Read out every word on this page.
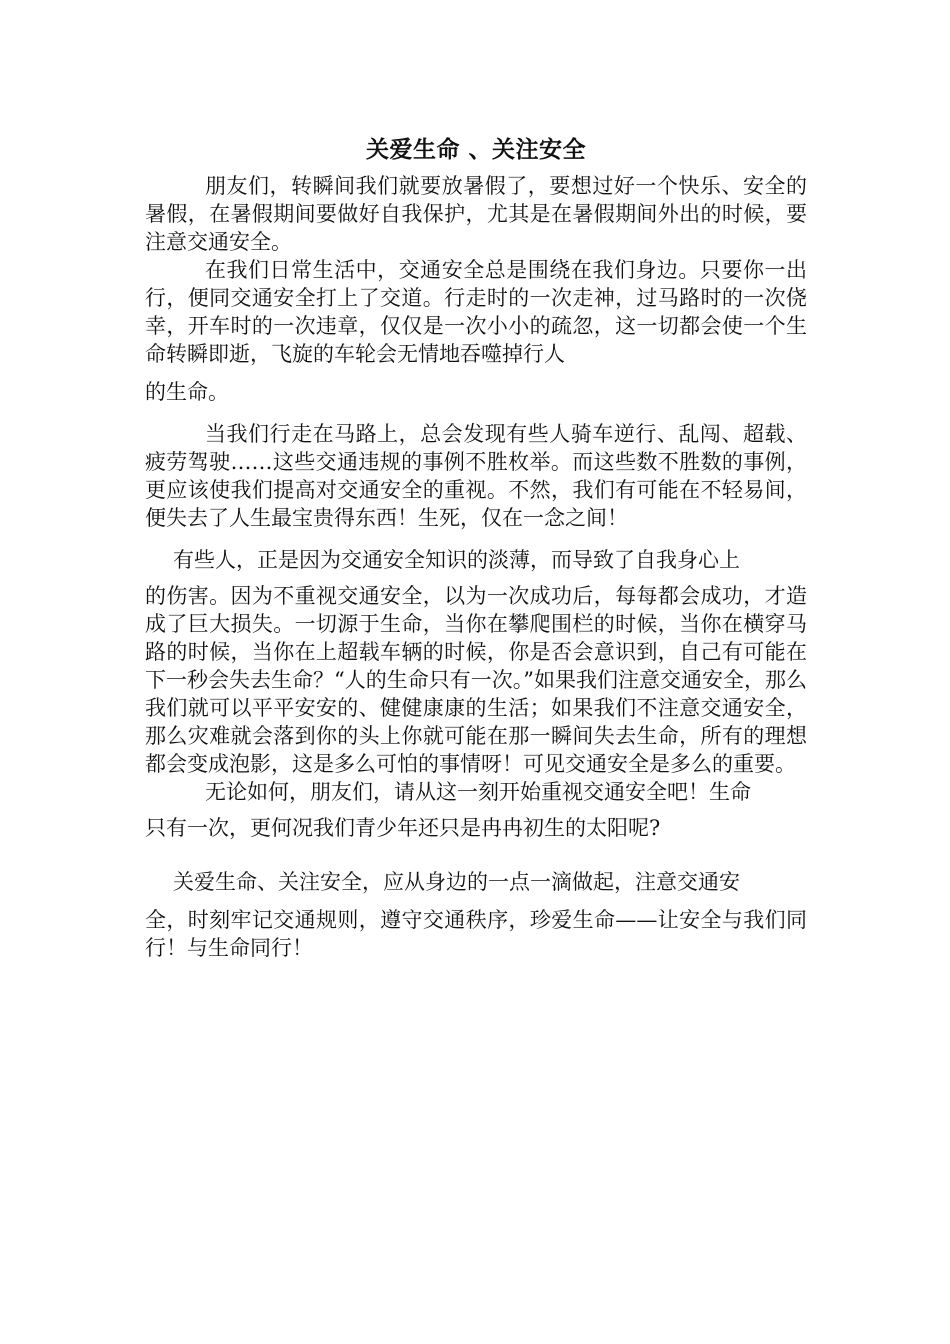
关爱生命 、关注安全

朋友们，转瞬间我们就要放暑假了，要想过好一个快乐、安全的暑假，在暑假期间要做好自我保护，尤其是在暑假期间外出的时候，要注意交通安全。

在我们日常生活中，交通安全总是围绕在我们身边。只要你一出行，便同交通安全打上了交道。行走时的一次走神，过马路时的一次侥幸，开车时的一次违章，仅仅是一次小小的疏忽，这一切都会使一个生命转瞬即逝，飞旋的车轮会无情地吞噬掉行人

的生命。

当我们行走在马路上，总会发现有些人骑车逆行、乱闯、超载、疲劳驾驶……这些交通违规的事例不胜枚举。而这些数不胜数的事例，更应该使我们提高对交通安全的重视。不然，我们有可能在不轻易间，便失去了人生最宝贵得东西！生死，仅在一念之间！

有些人，正是因为交通安全知识的淡薄，而导致了自我身心上

的伤害。因为不重视交通安全，以为一次成功后，每每都会成功，才造成了巨大损失。一切源于生命，当你在攀爬围栏的时候，当你在横穿马路的时候，当你在上超载车辆的时候，你是否会意识到，自己有可能在下一秒会失去生命？“人的生命只有一次。”如果我们注意交通安全，那么我们就可以平平安安的、健健康康的生活；如果我们不注意交通安全，那么灾难就会落到你的头上你就可能在那一瞬间失去生命，所有的理想都会变成泡影，这是多么可怕的事情呀！可见交通安全是多么的重要。

无论如何，朋友们，请从这一刻开始重视交通安全吧！生命

只有一次，更何况我们青少年还只是冉冉初生的太阳呢?

关爱生命、关注安全，应从身边的一点一滴做起，注意交通安

全，时刻牢记交通规则，遵守交通秩序，珍爱生命——让安全与我们同行！与生命同行！
